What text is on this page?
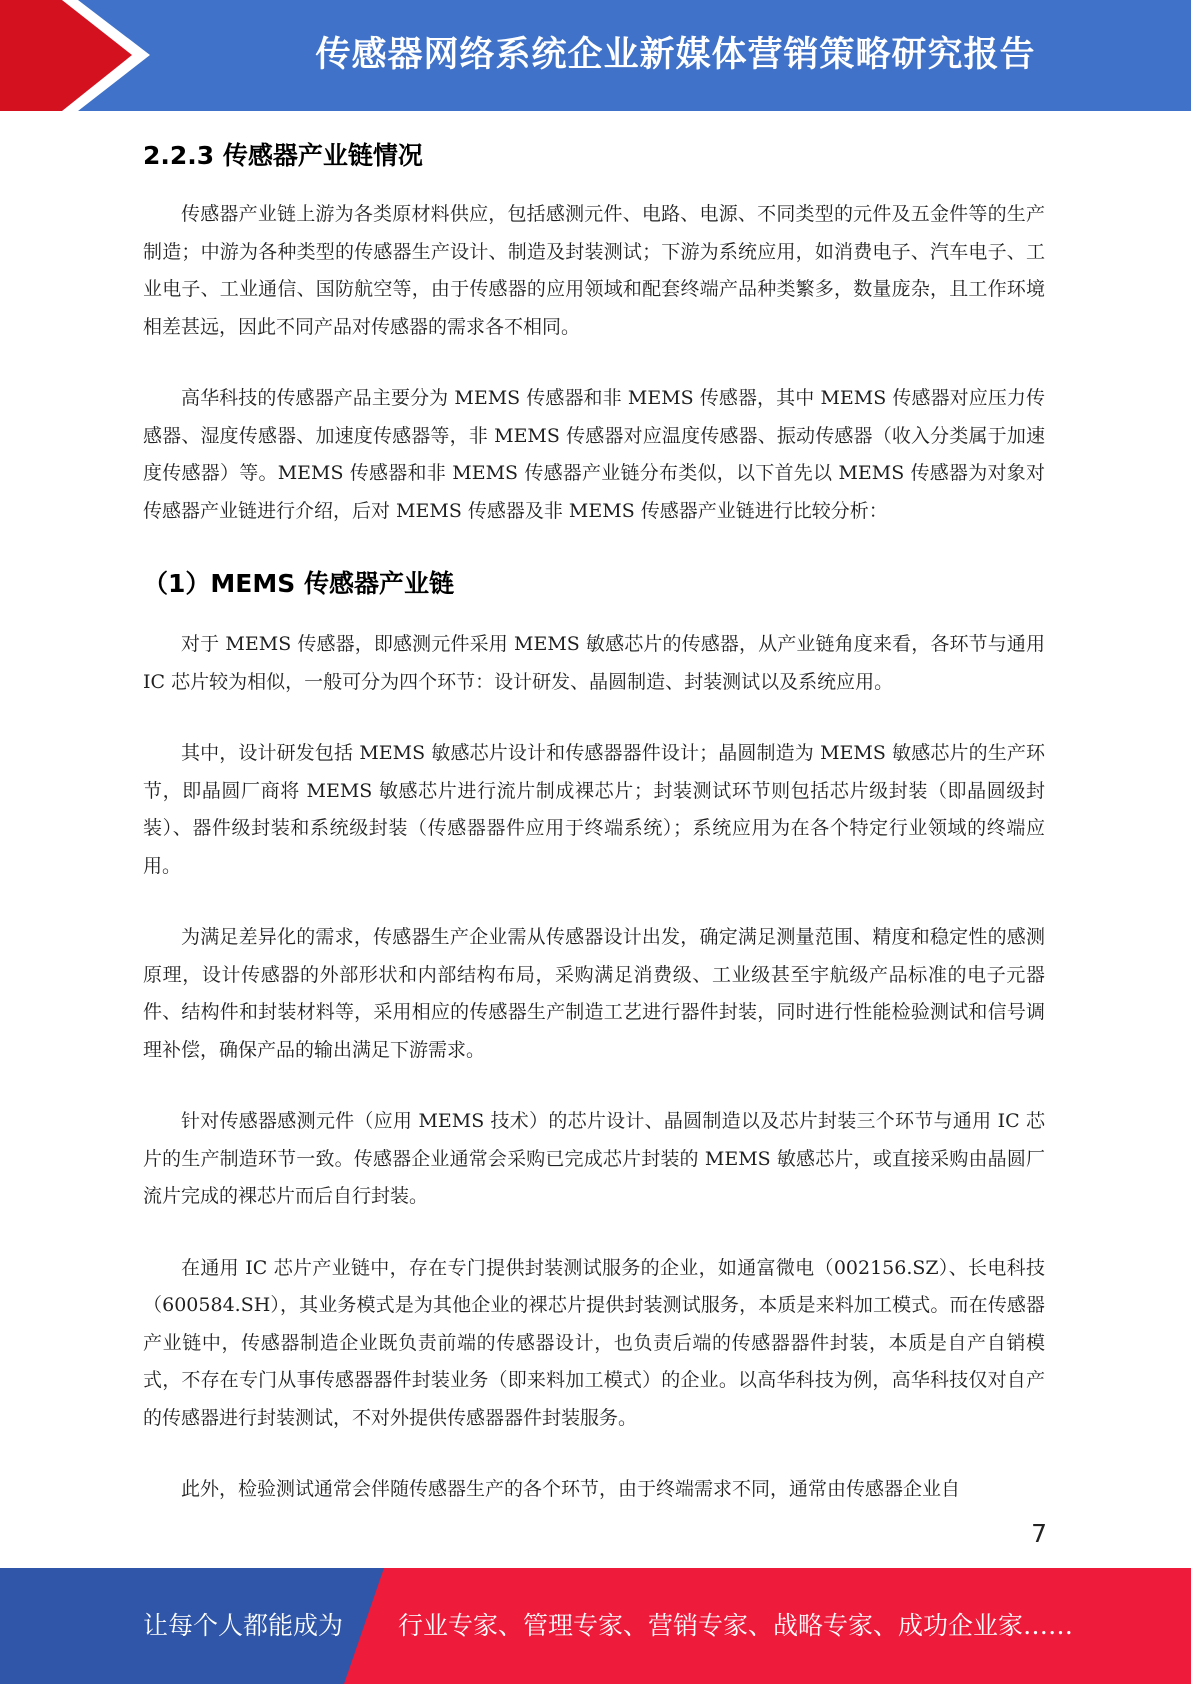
传感器网络系统企业新媒体营销策略研究报告
2.2.3 传感器产业链情况

传感器产业链上游为各类原材料供应，包括感测元件、电路、电源、不同类型的元件及五金件等的生产制造；中游为各种类型的传感器生产设计、制造及封装测试；下游为系统应用，如消费电子、汽车电子、工业电子、工业通信、国防航空等，由于传感器的应用领域和配套终端产品种类繁多，数量庞杂，且工作环境相差甚远，因此不同产品对传感器的需求各不相同。

高华科技的传感器产品主要分为 MEMS 传感器和非 MEMS 传感器，其中 MEMS 传感器对应压力传感器、湿度传感器、加速度传感器等，非 MEMS 传感器对应温度传感器、振动传感器（收入分类属于加速度传感器）等。MEMS 传感器和非 MEMS 传感器产业链分布类似，以下首先以 MEMS 传感器为对象对传感器产业链进行介绍，后对 MEMS 传感器及非 MEMS 传感器产业链进行比较分析：

（1）MEMS 传感器产业链

对于 MEMS 传感器，即感测元件采用 MEMS 敏感芯片的传感器，从产业链角度来看，各环节与通用 IC 芯片较为相似，一般可分为四个环节：设计研发、晶圆制造、封装测试以及系统应用。

其中，设计研发包括 MEMS 敏感芯片设计和传感器器件设计；晶圆制造为 MEMS 敏感芯片的生产环节，即晶圆厂商将 MEMS 敏感芯片进行流片制成裸芯片；封装测试环节则包括芯片级封装（即晶圆级封装）、器件级封装和系统级封装（传感器器件应用于终端系统）；系统应用为在各个特定行业领域的终端应用。

为满足差异化的需求，传感器生产企业需从传感器设计出发，确定满足测量范围、精度和稳定性的感测原理，设计传感器的外部形状和内部结构布局，采购满足消费级、工业级甚至宇航级产品标准的电子元器件、结构件和封装材料等，采用相应的传感器生产制造工艺进行器件封装，同时进行性能检验测试和信号调理补偿，确保产品的输出满足下游需求。

针对传感器感测元件（应用 MEMS 技术）的芯片设计、晶圆制造以及芯片封装三个环节与通用 IC 芯片的生产制造环节一致。传感器企业通常会采购已完成芯片封装的 MEMS 敏感芯片，或直接采购由晶圆厂流片完成的裸芯片而后自行封装。

在通用 IC 芯片产业链中，存在专门提供封装测试服务的企业，如通富微电（002156.SZ）、长电科技（600584.SH），其业务模式是为其他企业的裸芯片提供封装测试服务，本质是来料加工模式。而在传感器产业链中，传感器制造企业既负责前端的传感器设计，也负责后端的传感器器件封装，本质是自产自销模式，不存在专门从事传感器器件封装业务（即来料加工模式）的企业。以高华科技为例，高华科技仅对自产的传感器进行封装测试，不对外提供传感器器件封装服务。

此外，检验测试通常会伴随传感器生产的各个环节，由于终端需求不同，通常由传感器企业自

7
让每个人都能成为 行业专家、管理专家、营销专家、战略专家、成功企业家……
